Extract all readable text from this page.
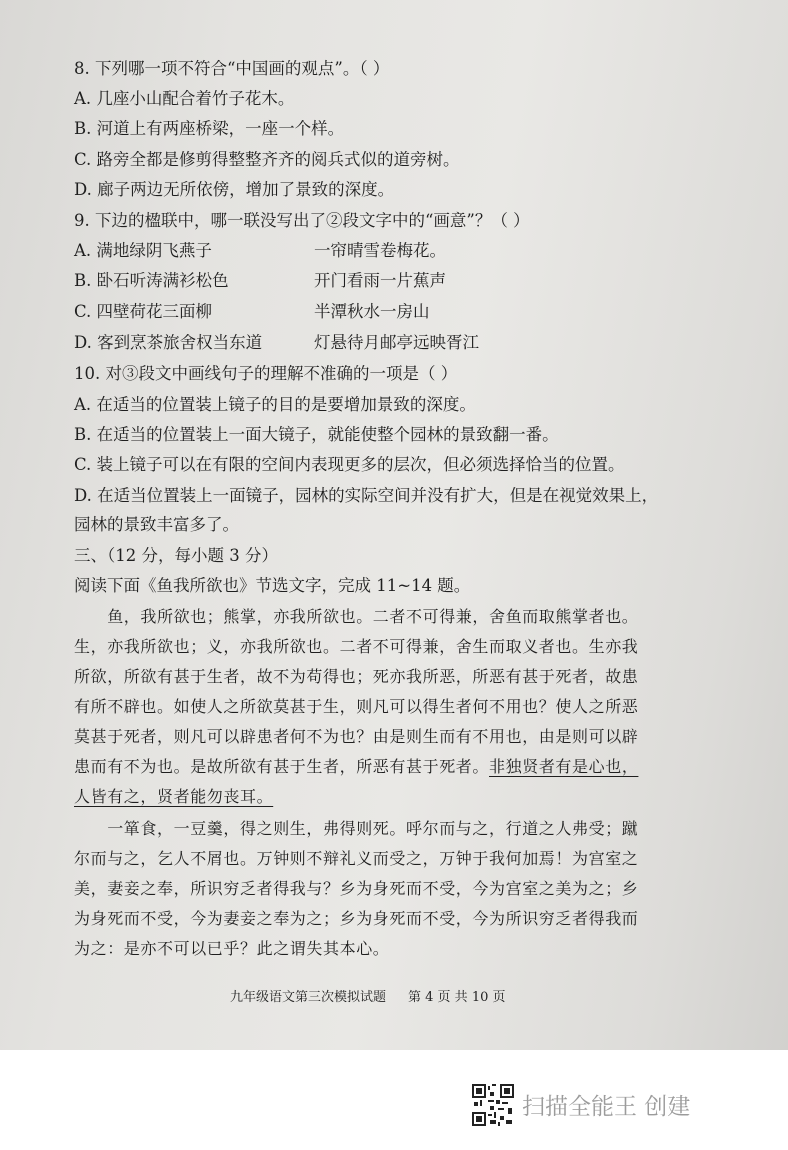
8. 下列哪一项不符合“中国画的观点”。（ ）
A. 几座小山配合着竹子花木。
B. 河道上有两座桥梁，一座一个样。
C. 路旁全都是修剪得整整齐齐的阅兵式似的道旁树。
D. 廊子两边无所依傍，增加了景致的深度。
9. 下边的楹联中，哪一联没写出了②段文字中的“画意”？（ ）
A. 满地绿阴飞燕子	一帘晴雪卷梅花。
B. 卧石听涛满衫松色	开门看雨一片蕉声
C. 四壁荷花三面柳	半潭秋水一房山
D. 客到烹茶旅舍权当东道	灯悬待月邮亭远映胥江
10. 对③段文中画线句子的理解不准确的一项是（ ）
A. 在适当的位置装上镜子的目的是要增加景致的深度。
B. 在适当的位置装上一面大镜子，就能使整个园林的景致翻一番。
C. 装上镜子可以在有限的空间内表现更多的层次，但必须选择恰当的位置。
D. 在适当位置装上一面镜子，园林的实际空间并没有扩大，但是在视觉效果上，
园林的景致丰富多了。
三、（12 分，每小题 3 分）
阅读下面《鱼我所欲也》节选文字，完成 11~14 题。
　　鱼，我所欲也；熊掌，亦我所欲也。二者不可得兼，舍鱼而取熊掌者也。
生，亦我所欲也；义，亦我所欲也。二者不可得兼，舍生而取义者也。生亦我
所欲，所欲有甚于生者，故不为苟得也；死亦我所恶，所恶有甚于死者，故患
有所不辟也。如使人之所欲莫甚于生，则凡可以得生者何不用也？使人之所恶
莫甚于死者，则凡可以辟患者何不为也？由是则生而有不用也，由是则可以辟
患而有不为也。是故所欲有甚于生者，所恶有甚于死者。非独贤者有是心也，
人皆有之，贤者能勿丧耳。
　　一箪食，一豆羹，得之则生，弗得则死。呼尔而与之，行道之人弗受；蹴
尔而与之，乞人不屑也。万钟则不辩礼义而受之，万钟于我何加焉！为宫室之
美，妻妾之奉，所识穷乏者得我与？乡为身死而不受，今为宫室之美为之；乡
为身死而不受，今为妻妾之奉为之；乡为身死而不受，今为所识穷乏者得我而
为之：是亦不可以已乎？此之谓失其本心。
九年级语文第三次模拟试题 第 4 页 共 10 页
扫描全能王 创建
